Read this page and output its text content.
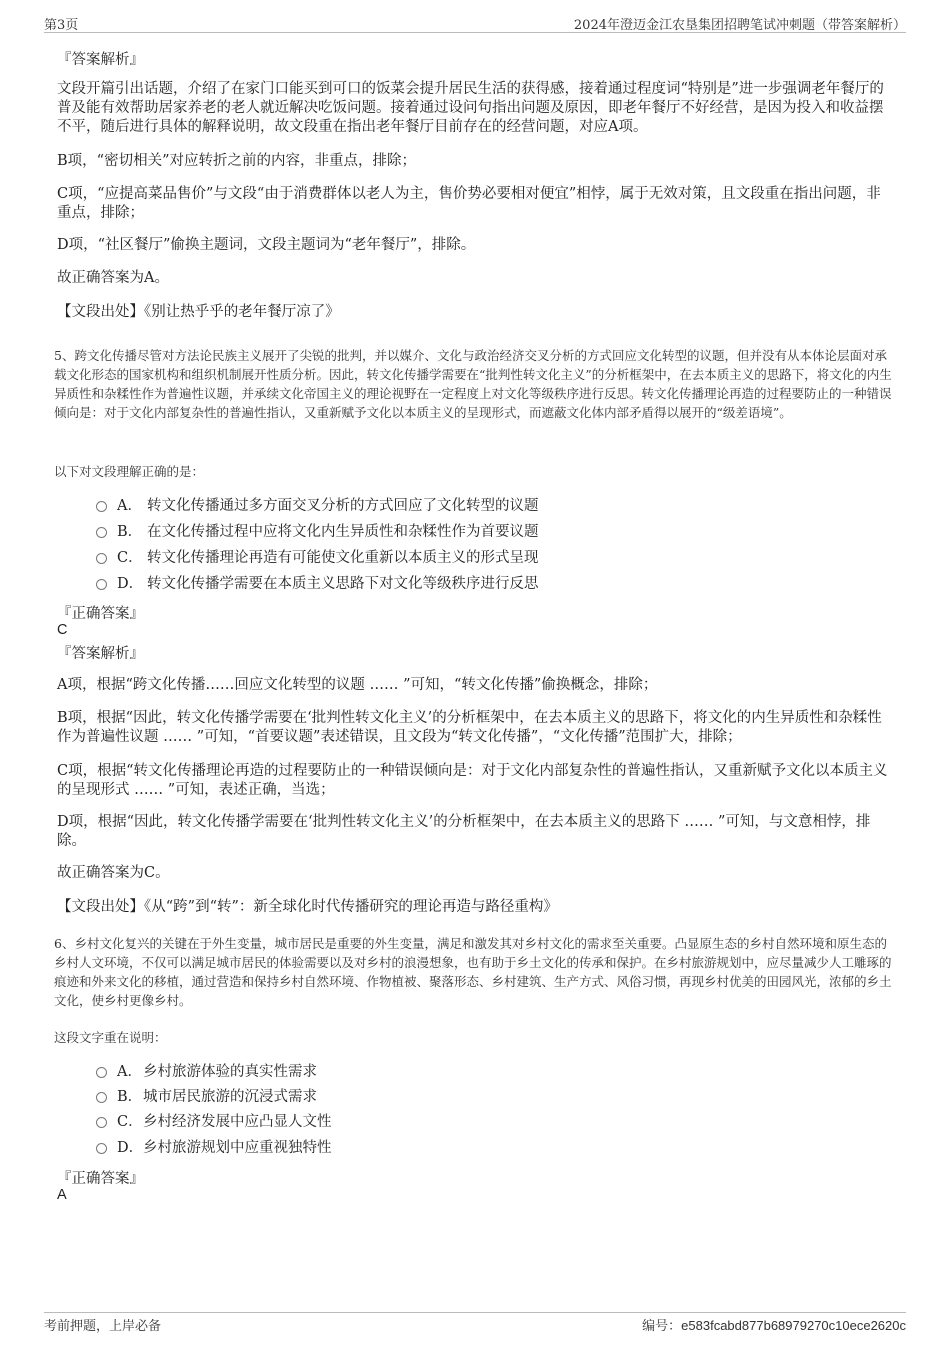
第3页	2024年澄迈金江农垦集团招聘笔试冲刺题（带答案解析）
『答案解析』
文段开篇引出话题，介绍了在家门口能买到可口的饭菜会提升居民生活的获得感，接着通过程度词“特别是”进一步强调老年餐厅的普及能有效帮助居家养老的老人就近解决吃饭问题。接着通过设问句指出问题及原因，即老年餐厅不好经营，是因为投入和收益摆不平，随后进行具体的解释说明，故文段重在指出老年餐厅目前存在的经营问题，对应A项。
B项，“密切相关”对应转折之前的内容，非重点，排除；
C项，“应提高菜品售价”与文段“由于消费群体以老人为主，售价势必要相对便宜”相悖，属于无效对策，且文段重在指出问题，非重点，排除；
D项，“社区餐厅”偷换主题词，文段主题词为“老年餐厅”，排除。
故正确答案为A。
【文段出处】《别让热乎乎的老年餐厅凉了》
5、跨文化传播尽管对方法论民族主义展开了尖锐的批判，并以媒介、文化与政治经济交叉分析的方式回应文化转型的议题，但并没有从本体论层面对承载文化形态的国家机构和组织机制展开性质分析。因此，转文化传播学需要在“批判性转文化主义”的分析框架中，在去本质主义的思路下，将文化的内生异质性和杂糅性作为普遍性议题，并承续文化帝国主义的理论视野在一定程度上对文化等级秩序进行反思。转文化传播理论再造的过程要防止的一种错误倾向是：对于文化内部复杂性的普遍性指认，又重新赋予文化以本质主义的呈现形式，而遮蔽文化体内部矛盾得以展开的“级差语境”。
以下对文段理解正确的是：
A． 转文化传播通过多方面交叉分析的方式回应了文化转型的议题
B． 在文化传播过程中应将文化内生异质性和杂糅性作为首要议题
C． 转文化传播理论再造有可能使文化重新以本质主义的形式呈现
D． 转文化传播学需要在本质主义思路下对文化等级秩序进行反思
『正确答案』
C
『答案解析』
A项，根据“跨文化传播……回应文化转型的议题 …… ”可知，“转文化传播”偷换概念，排除；
B项，根据“因此，转文化传播学需要在‘批判性转文化主义’的分析框架中，在去本质主义的思路下，将文化的内生异质性和杂糅性作为普遍性议题 …… ”可知，“首要议题”表述错误，且文段为“转文化传播”，“文化传播”范围扩大，排除；
C项，根据“转文化传播理论再造的过程要防止的一种错误倾向是：对于文化内部复杂性的普遍性指认，又重新赋予文化以本质主义的呈现形式 …… ”可知，表述正确，当选；
D项，根据“因此，转文化传播学需要在‘批判性转文化主义’的分析框架中，在去本质主义的思路下 …… ”可知，与文意相悖，排除。
故正确答案为C。
【文段出处】《从“跨”到“转”：新全球化时代传播研究的理论再造与路径重构》
6、乡村文化复兴的关键在于外生变量，城市居民是重要的外生变量，满足和激发其对乡村文化的需求至关重要。凸显原生态的乡村自然环境和原生态的乡村人文环境，不仅可以满足城市居民的体验需要以及对乡村的浪漫想象，也有助于乡土文化的传承和保护。在乡村旅游规划中，应尽量减少人工雕琢的痕迹和外来文化的移植，通过营造和保持乡村自然环境、作物植被、聚落形态、乡村建筑、生产方式、风俗习惯，再现乡村优美的田园风光，浓郁的乡土文化，使乡村更像乡村。
这段文字重在说明：
A．乡村旅游体验的真实性需求
B．城市居民旅游的沉浸式需求
C．乡村经济发展中应凸显人文性
D．乡村旅游规划中应重视独特性
『正确答案』
A
考前押题，上岸必备	编号：e583fcabd877b68979270c10ece2620c
